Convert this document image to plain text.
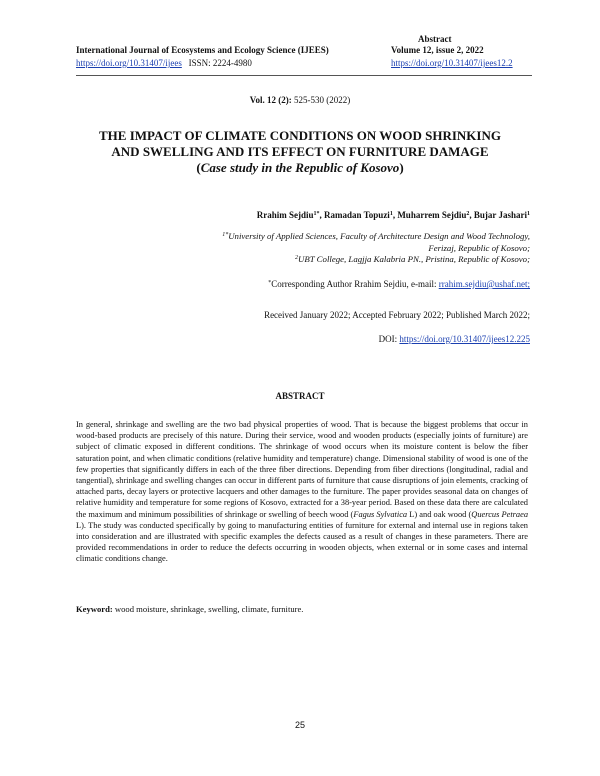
International Journal of Ecosystems and Ecology Science (IJEES)
https://doi.org/10.31407/ijees ISSN: 2224-4980
Abstract
Volume 12, issue 2, 2022
https://doi.org/10.31407/ijees12.2
Vol. 12 (2): 525-530 (2022)
THE IMPACT OF CLIMATE CONDITIONS ON WOOD SHRINKING
AND SWELLING AND ITS EFFECT ON FURNITURE DAMAGE
(Case study in the Republic of Kosovo)
Rrahim Sejdiu$^{1*}$, Ramadan Topuzi$^1$, Muharrem Sejdiu$^2$, Bujar Jashari$^1$
$^{1*}$University of Applied Sciences, Faculty of Architecture Design and Wood Technology,
Ferizaj, Republic of Kosovo;
$^2$UBT College, Lagjja Kalabria PN., Pristina, Republic of Kosovo;
*Corresponding Author Rrahim Sejdiu, e-mail: rrahim.sejdiu@ushaf.net;
Received January 2022; Accepted February 2022; Published March 2022;
DOI: https://doi.org/10.31407/ijees12.225
ABSTRACT
In general, shrinkage and swelling are the two bad physical properties of wood. That is because the biggest problems that occur in wood-based products are precisely of this nature. During their service, wood and wooden products (especially joints of furniture) are subject of climatic exposed in different conditions. The shrinkage of wood occurs when its moisture content is below the fiber saturation point, and when climatic conditions (relative humidity and temperature) change. Dimensional stability of wood is one of the few properties that significantly differs in each of the three fiber directions. Depending from fiber directions (longitudinal, radial and tangential), shrinkage and swelling changes can occur in different parts of furniture that cause disruptions of join elements, cracking of attached parts, decay layers or protective lacquers and other damages to the furniture. The paper provides seasonal data on changes of relative humidity and temperature for some regions of Kosovo, extracted for a 38-year period. Based on these data there are calculated the maximum and minimum possibilities of shrinkage or swelling of beech wood (Fagus Sylvatica L) and oak wood (Quercus Petraea L). The study was conducted specifically by going to manufacturing entities of furniture for external and internal use in regions taken into consideration and are illustrated with specific examples the defects caused as a result of changes in these parameters. There are provided recommendations in order to reduce the defects occurring in wooden objects, when external or in some cases and internal climatic conditions change.
Keyword: wood moisture, shrinkage, swelling, climate, furniture.
25
